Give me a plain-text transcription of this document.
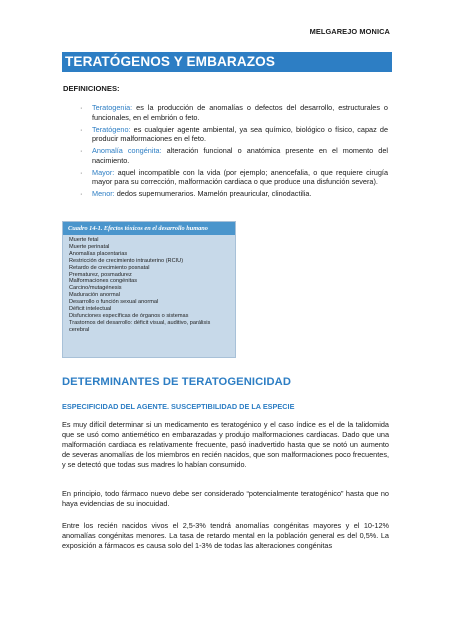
MELGAREJO MONICA
TERATÓGENOS Y EMBARAZOS
DEFINICIONES:
· Teratogenia: es la producción de anomalías o defectos del desarrollo, estructurales o funcionales, en el embrión o feto.
· Teratógeno: es cualquier agente ambiental, ya sea químico, biológico o físico, capaz de producir malformaciones en el feto.
· Anomalía congénita: alteración funcional o anatómica presente en el momento del nacimiento.
· Mayor: aquel incompatible con la vida (por ejemplo; anencefalia, o que requiere cirugía mayor para su corrección, malformación cardiaca o que produce una disfunción severa).
· Menor: dedos supernumerarios. Mamelón preauricular, clinodactilia.
Cuadro 14-1. Efectos tóxicos en el desarrollo humano
Muerte fetal
Muerte perinatal
Anomalías placentarias
Restricción de crecimiento intrauterino (RCIU)
Retardo de crecimiento posnatal
Prematurez, posmadurez
Malformaciones congénitas
Carcino/mutagénesis
Maduración anormal
Desarrollo o función sexual anormal
Déficit intelectual
Disfunciones específicas de órganos o sistemas
Trastornos del desarrollo: déficit visual, auditivo, parálisis
cerebral
DETERMINANTES DE TERATOGENICIDAD
ESPECIFICIDAD DEL AGENTE. SUSCEPTIBILIDAD DE LA ESPECIE

Es muy difícil determinar si un medicamento es teratogénico y el caso índice es el de la talidomida que se usó como antiemético en embarazadas y produjo malformaciones cardiacas. Dado que una malformación cardiaca es relativamente frecuente, pasó inadvertido hasta que se notó un aumento de severas anomalías de los miembros en recién nacidos, que son malformaciones poco frecuentes, y se detectó que todas sus madres lo habían consumido.

En principio, todo fármaco nuevo debe ser considerado “potencialmente teratogénico” hasta que no haya evidencias de su inocuidad.

Entre los recién nacidos vivos el 2,5-3% tendrá anomalías congénitas mayores y el 10-12% anomalías congénitas menores. La tasa de retardo mental en la población general es del 0,5%. La exposición a fármacos es causa solo del 1-3% de todas las alteraciones congénitas
